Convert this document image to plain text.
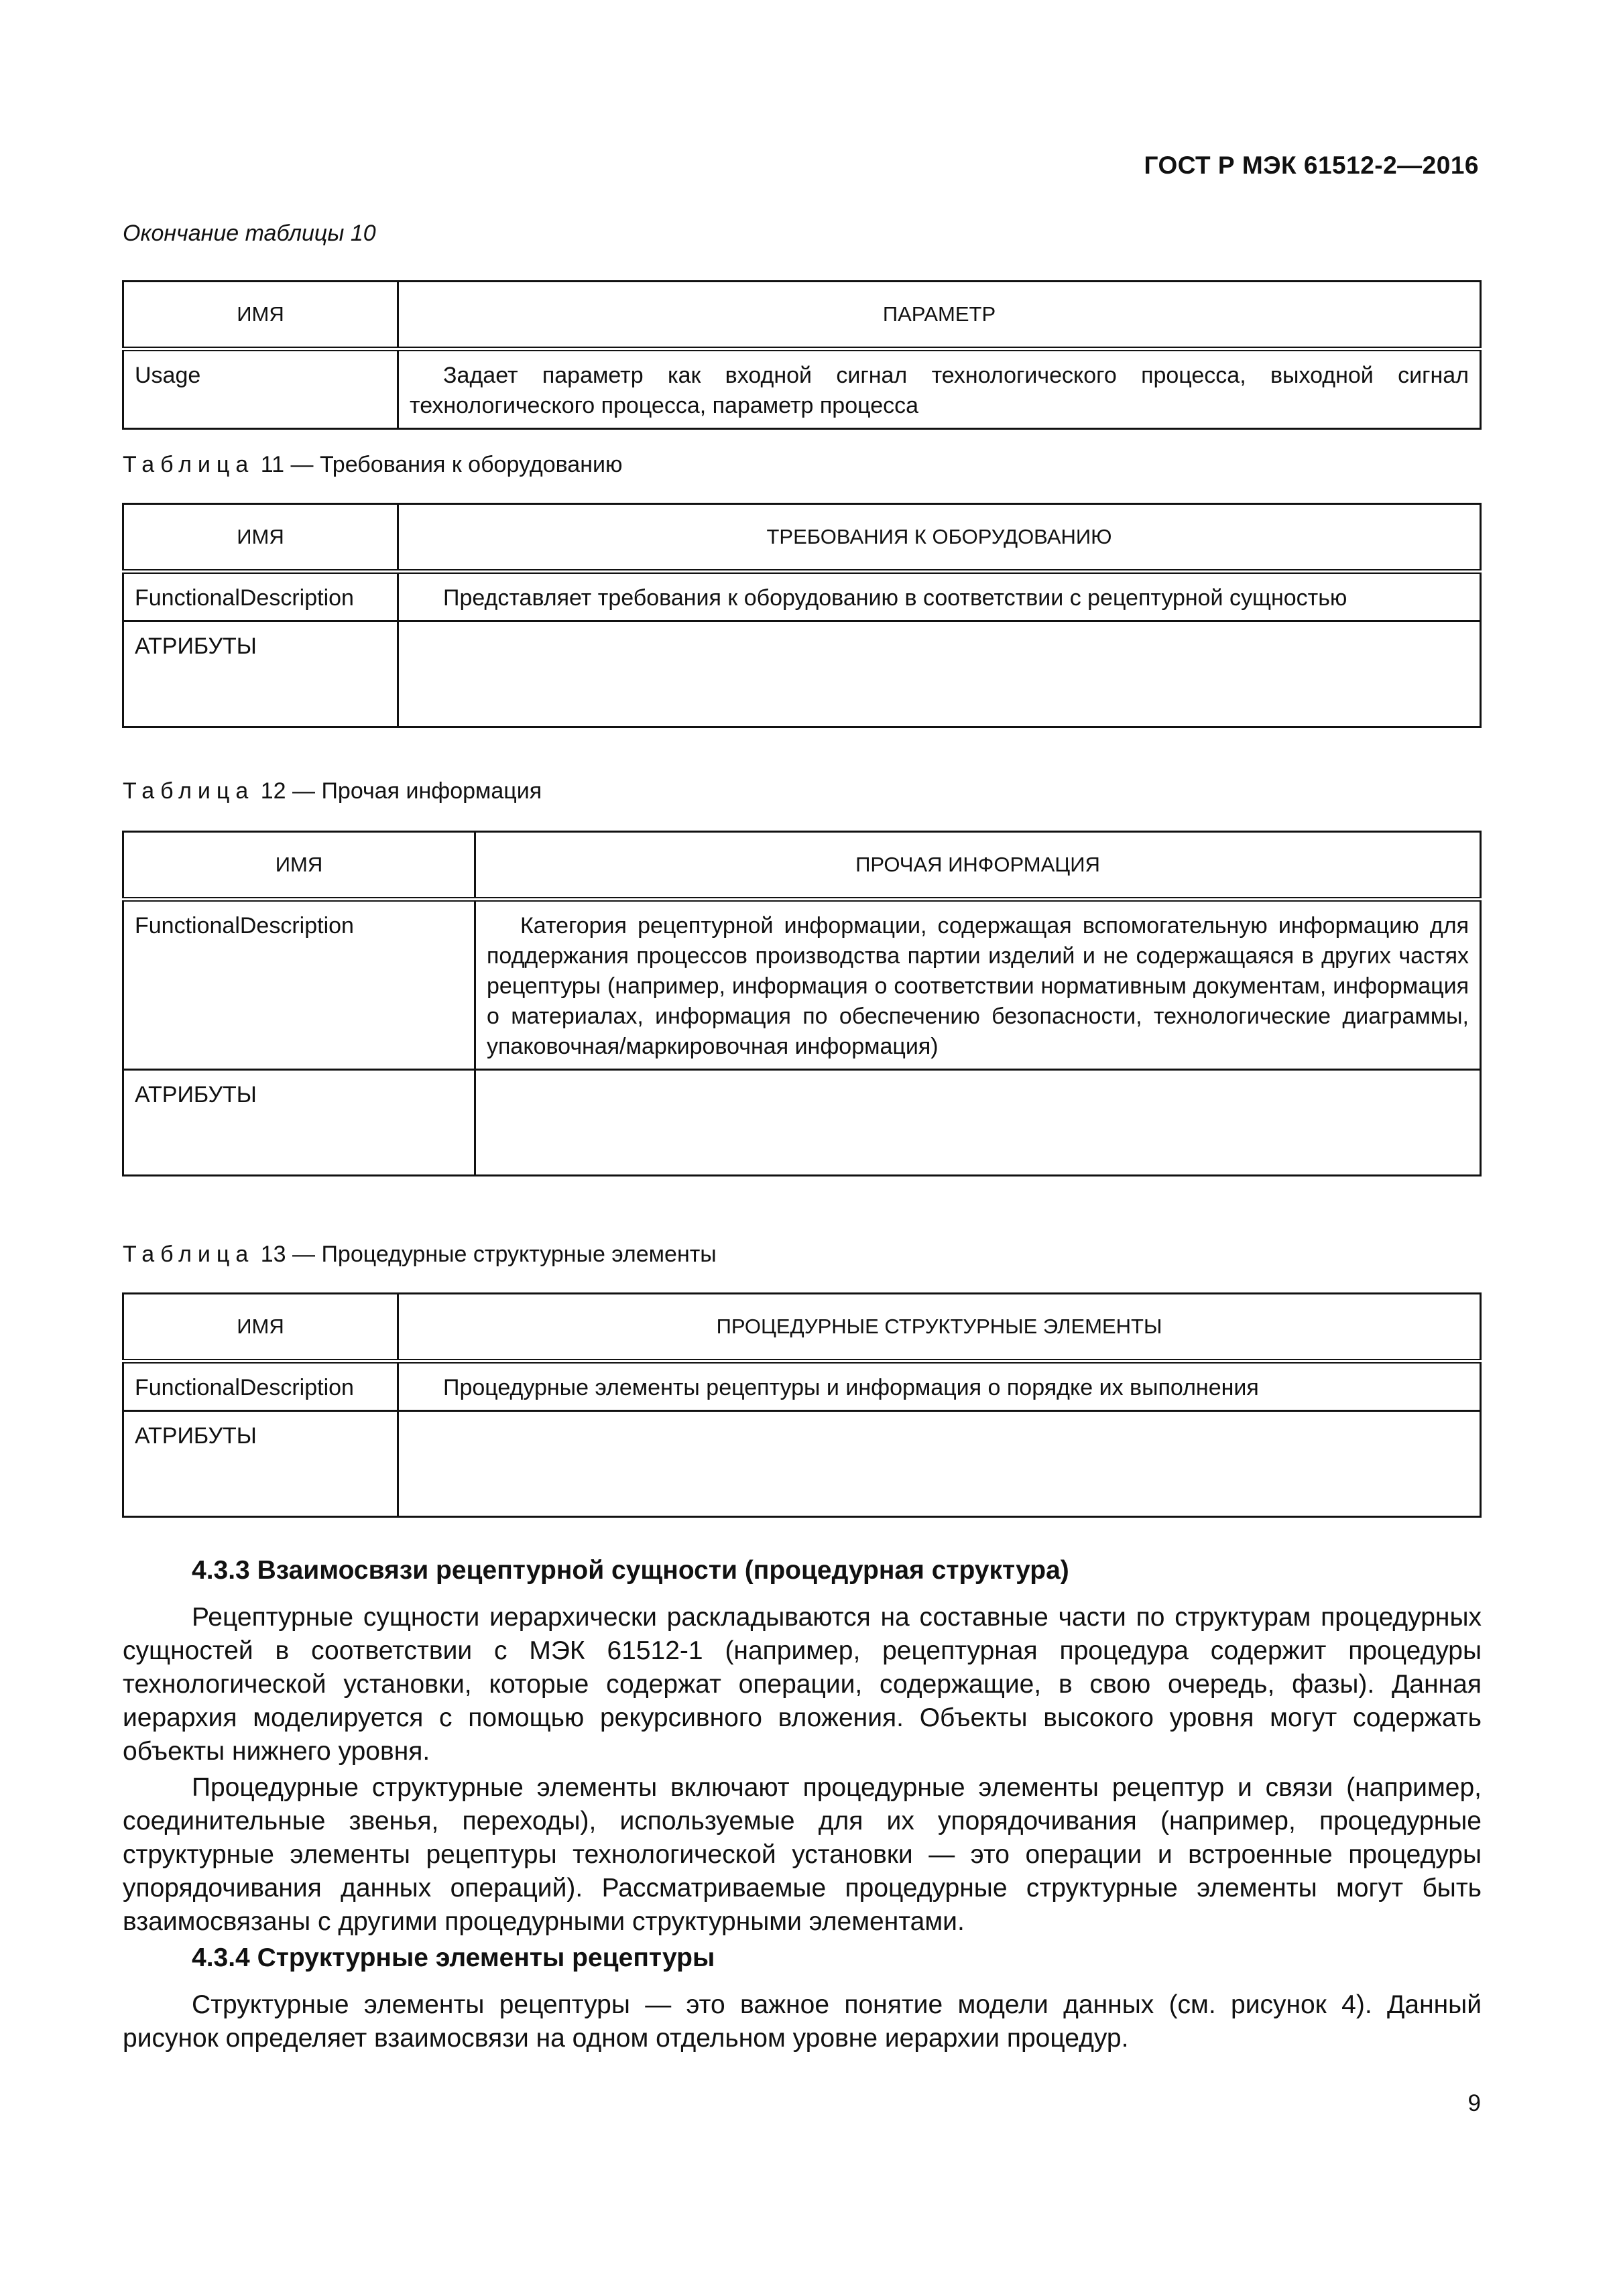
ГОСТ Р МЭК 61512-2—2016
Окончание таблицы 10
ИМЯ	ПАРАМЕТР
Usage	Задает параметр как входной сигнал технологического процесса, выходной сигнал технологического процесса, параметр процесса
Таблица 11 — Требования к оборудованию
ИМЯ	ТРЕБОВАНИЯ К ОБОРУДОВАНИЮ
FunctionalDescription	Представляет требования к оборудованию в соответствии с рецептурной сущностью
АТРИБУТЫ	
Таблица 12 — Прочая информация
ИМЯ	ПРОЧАЯ ИНФОРМАЦИЯ
FunctionalDescription	Категория рецептурной информации, содержащая вспомогательную информацию для поддержания процессов производства партии изделий и не содержащаяся в других частях рецептуры (например, информация о соответствии нормативным документам, информация о материалах, информация по обеспечению безопасности, технологические диаграммы, упаковочная/маркировочная информация)
АТРИБУТЫ	
Таблица 13 — Процедурные структурные элементы
ИМЯ	ПРОЦЕДУРНЫЕ СТРУКТУРНЫЕ ЭЛЕМЕНТЫ
FunctionalDescription	Процедурные элементы рецептуры и информация о порядке их выполнения
АТРИБУТЫ	
4.3.3 Взаимосвязи рецептурной сущности (процедурная структура)

Рецептурные сущности иерархически раскладываются на составные части по структурам процедурных сущностей в соответствии с МЭК 61512-1 (например, рецептурная процедура содержит процедуры технологической установки, которые содержат операции, содержащие, в свою очередь, фазы). Данная иерархия моделируется с помощью рекурсивного вложения. Объекты высокого уровня могут содержать объекты нижнего уровня.

Процедурные структурные элементы включают процедурные элементы рецептур и связи (например, соединительные звенья, переходы), используемые для их упорядочивания (например, процедурные структурные элементы рецептуры технологической установки — это операции и встроенные процедуры упорядочивания данных операций). Рассматриваемые процедурные структурные элементы могут быть взаимосвязаны с другими процедурными структурными элементами.

4.3.4 Структурные элементы рецептуры

Структурные элементы рецептуры — это важное понятие модели данных (см. рисунок 4). Данный рисунок определяет взаимосвязи на одном отдельном уровне иерархии процедур.

9
